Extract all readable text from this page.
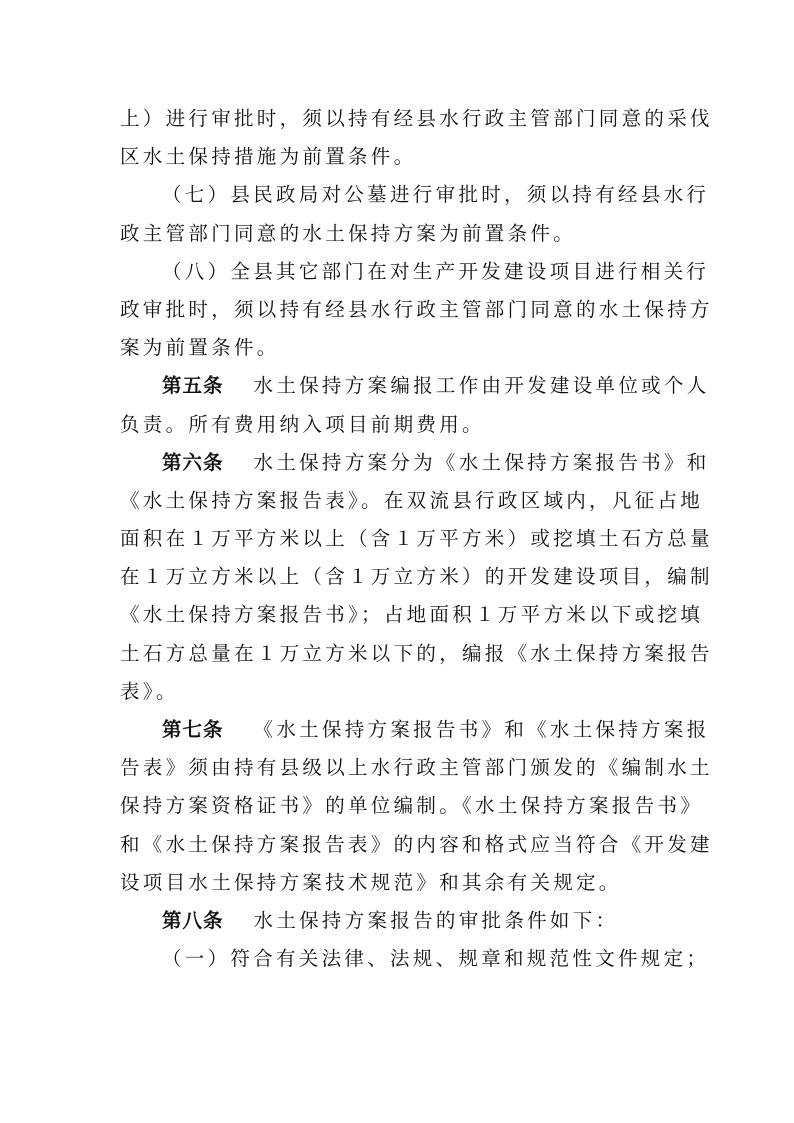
上）进行审批时，须以持有经县水行政主管部门同意的采伐
区水土保持措施为前置条件。
（七）县民政局对公墓进行审批时，须以持有经县水行
政主管部门同意的水土保持方案为前置条件。
（八）全县其它部门在对生产开发建设项目进行相关行
政审批时，须以持有经县水行政主管部门同意的水土保持方
案为前置条件。
第五条 水土保持方案编报工作由开发建设单位或个人
负责。所有费用纳入项目前期费用。
第六条 水土保持方案分为《水土保持方案报告书》和
《水土保持方案报告表》。在双流县行政区域内，凡征占地
面积在１万平方米以上（含１万平方米）或挖填土石方总量
在１万立方米以上（含１万立方米）的开发建设项目，编制
《水土保持方案报告书》；占地面积１万平方米以下或挖填
土石方总量在１万立方米以下的，编报《水土保持方案报告
表》。
第七条 《水土保持方案报告书》和《水土保持方案报
告表》须由持有县级以上水行政主管部门颁发的《编制水土
保持方案资格证书》的单位编制。《水土保持方案报告书》
和《水土保持方案报告表》的内容和格式应当符合《开发建
设项目水土保持方案技术规范》和其余有关规定。
第八条 水土保持方案报告的审批条件如下：
（一）符合有关法律、法规、规章和规范性文件规定；
